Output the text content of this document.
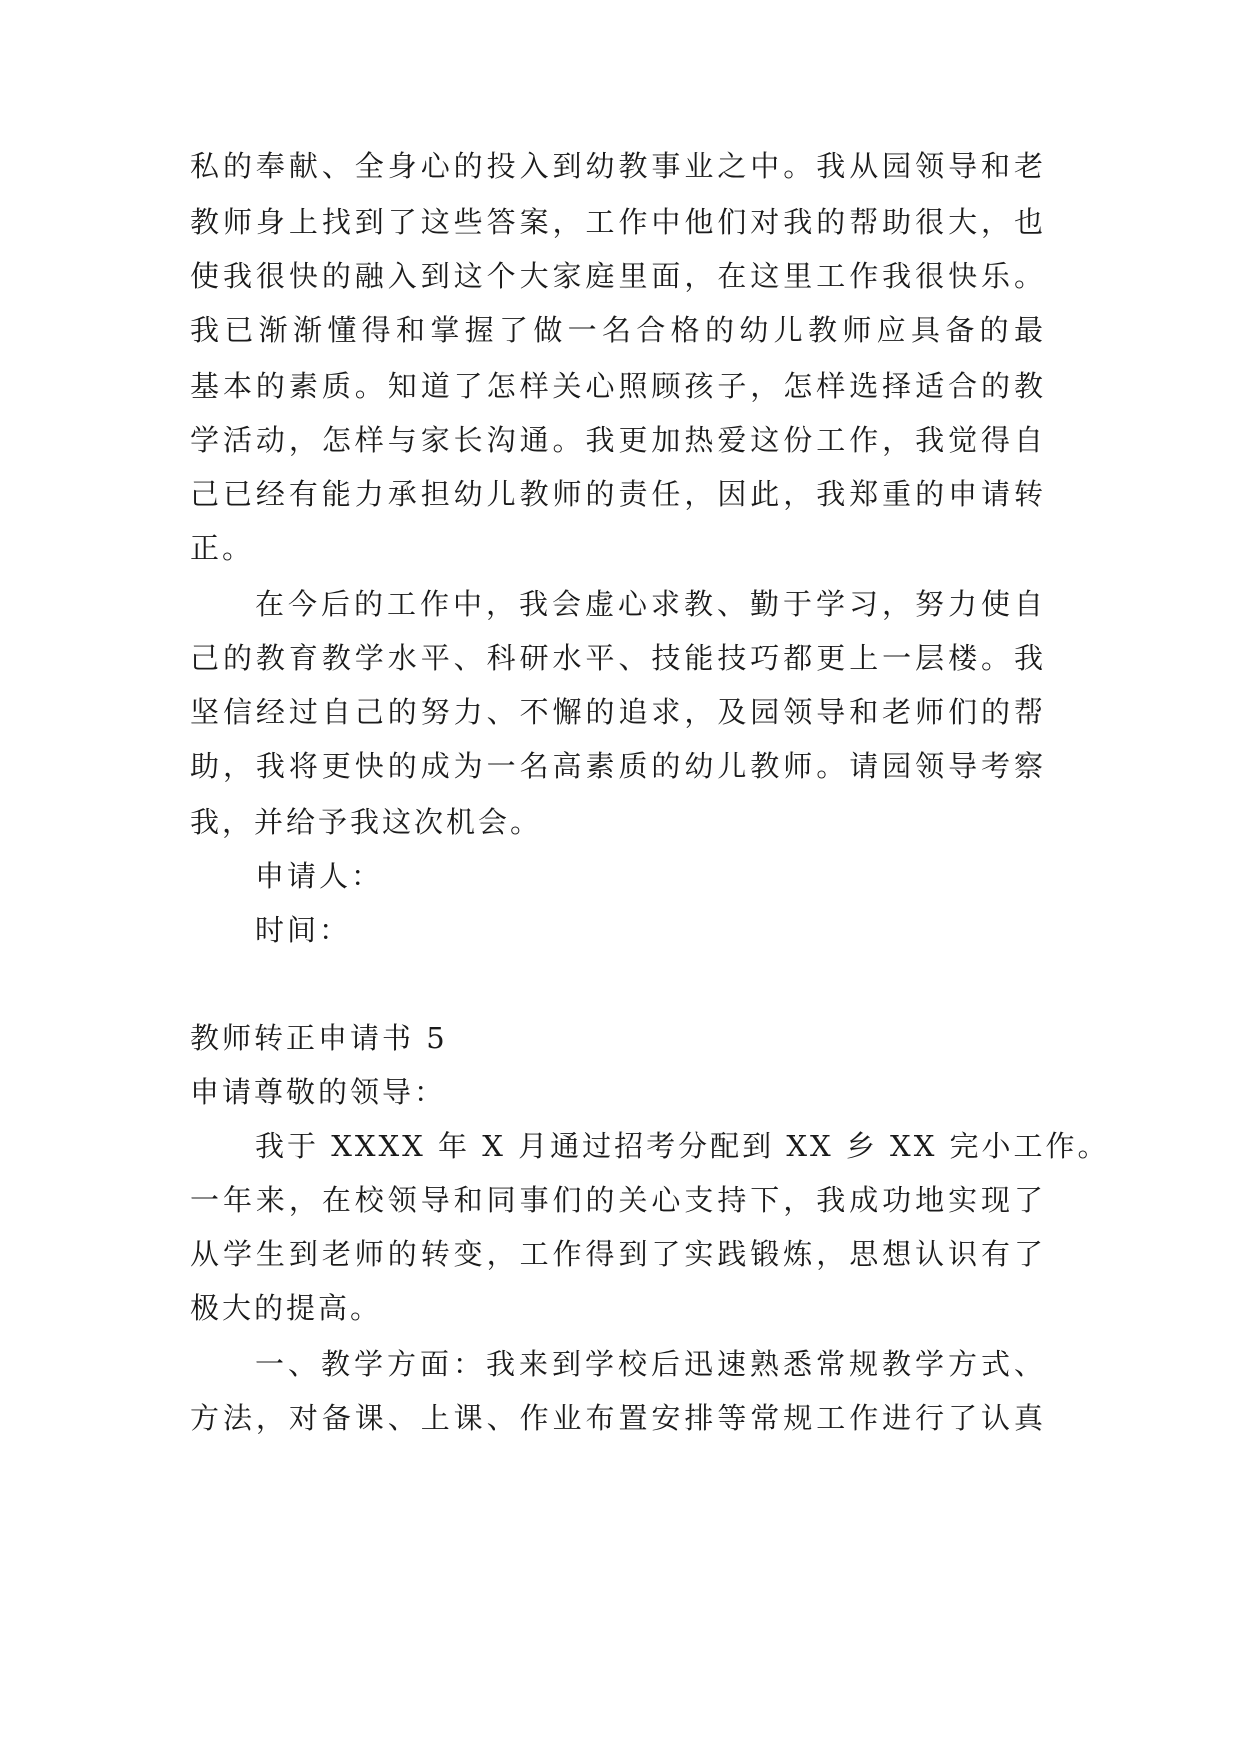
私的奉献、全身心的投入到幼教事业之中。我从园领导和老

教师身上找到了这些答案，工作中他们对我的帮助很大，也

使我很快的融入到这个大家庭里面，在这里工作我很快乐。

我已渐渐懂得和掌握了做一名合格的幼儿教师应具备的最

基本的素质。知道了怎样关心照顾孩子，怎样选择适合的教

学活动，怎样与家长沟通。我更加热爱这份工作，我觉得自

己已经有能力承担幼儿教师的责任，因此，我郑重的申请转

正。

在今后的工作中，我会虚心求教、勤于学习，努力使自

己的教育教学水平、科研水平、技能技巧都更上一层楼。我

坚信经过自己的努力、不懈的追求，及园领导和老师们的帮

助，我将更快的成为一名高素质的幼儿教师。请园领导考察

我，并给予我这次机会。

申请人：

时间：

教师转正申请书 5

申请尊敬的领导：

我于 XXXX 年 X 月通过招考分配到 XX 乡 XX 完小工作。

一年来，在校领导和同事们的关心支持下，我成功地实现了

从学生到老师的转变，工作得到了实践锻炼，思想认识有了

极大的提高。

一、教学方面：我来到学校后迅速熟悉常规教学方式、

方法，对备课、上课、作业布置安排等常规工作进行了认真
